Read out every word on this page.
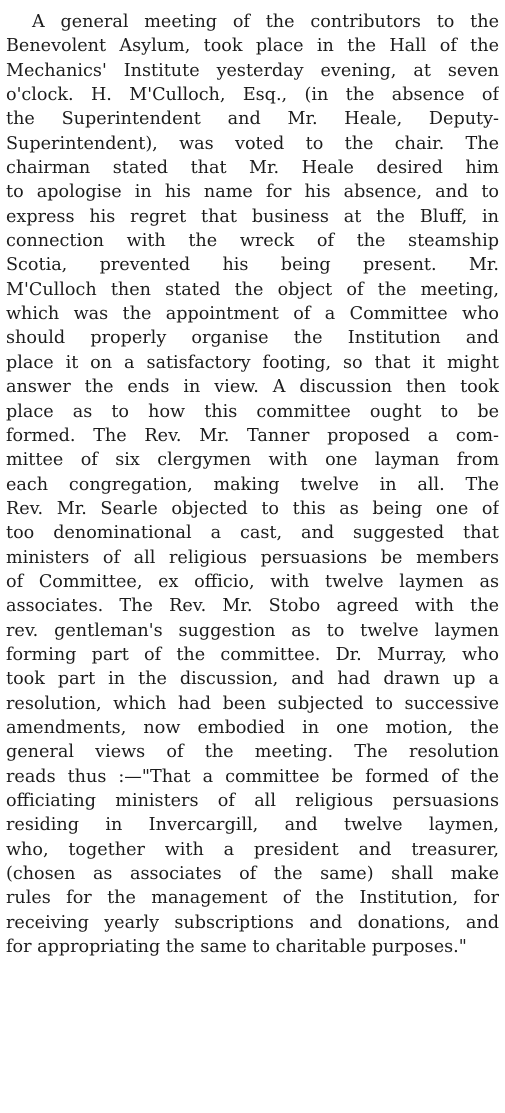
A general meeting of the contributors to the
Benevolent Asylum, took place in the Hall of the
Mechanics' Institute yesterday evening, at seven
o'clock. H. M'Culloch, Esq., (in the absence of
the Superintendent and Mr. Heale, Deputy-
Superintendent), was voted to the chair. The
chairman stated that Mr. Heale desired him
to apologise in his name for his absence, and to
express his regret that business at the Bluff, in
connection with the wreck of the steamship
Scotia, prevented his being present. Mr.
M'Culloch then stated the object of the meeting,
which was the appointment of a Committee who
should properly organise the Institution and
place it on a satisfactory footing, so that it might
answer the ends in view. A discussion then took
place as to how this committee ought to be
formed. The Rev. Mr. Tanner proposed a com-
mittee of six clergymen with one layman from
each congregation, making twelve in all. The
Rev. Mr. Searle objected to this as being one of
too denominational a cast, and suggested that
ministers of all religious persuasions be members
of Committee, ex officio, with twelve laymen as
associates. The Rev. Mr. Stobo agreed with the
rev. gentleman's suggestion as to twelve laymen
forming part of the committee. Dr. Murray, who
took part in the discussion, and had drawn up a
resolution, which had been subjected to successive
amendments, now embodied in one motion, the
general views of the meeting. The resolution
reads thus :—"That a committee be formed of the
officiating ministers of all religious persuasions
residing in Invercargill, and twelve laymen,
who, together with a president and treasurer,
(chosen as associates of the same) shall make
rules for the management of the Institution, for
receiving yearly subscriptions and donations, and
for appropriating the same to charitable purposes."
